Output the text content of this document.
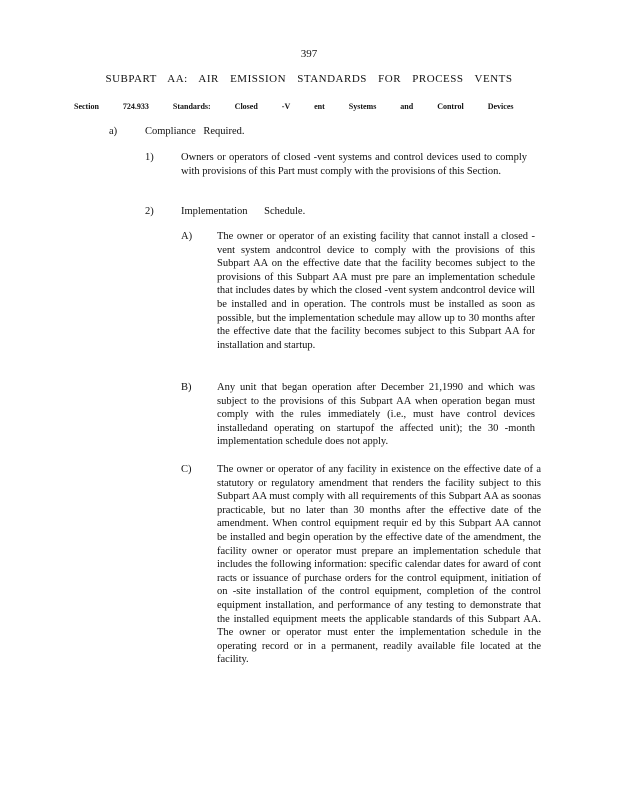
397
SUBPART AA: AIR EMISSION STANDARDS FOR PROCESS VENTS
Section 724.933 Standards: Closed -V ent Systems and Control Devices
a)	Compliance Required.
1)	Owners or operators of closed -vent systems and control devices used to comply with provisions of this Part must comply with the provisions of this Section.
2)	Implementation Schedule.
A) The owner or operator of an existing facility that cannot install a closed -vent system andcontrol device to comply with the provisions of this Subpart AA on the effective date that the facility becomes subject to the provisions of this Subpart AA must pre pare an implementation schedule that includes dates by which the closed -vent system andcontrol device will be installed and in operation. The controls must be installed as soon as possible, but the implementation schedule may allow up to 30 months after the effective date that the facility becomes subject to this Subpart AA for installation and startup.
B) Any unit that began operation after December 21,1990 and which was subject to the provisions of this Subpart AA when operation began must comply with the rules immediately (i.e., must have control devices installedand operating on startupof the affected unit); the 30 -month implementation schedule does not apply.
C) The owner or operator of any facility in existence on the effective date of a statutory or regulatory amendment that renders the facility subject to this Subpart AA must comply with all requirements of this Subpart AA as soonas practicable, but no later than 30 months after the effective date of the amendment. When control equipment requir ed by this Subpart AA cannot be installed and begin operation by the effective date of the amendment, the facility owner or operator must prepare an implementation schedule that includes the following information: specific calendar dates for award of cont racts or issuance of purchase orders for the control equipment, initiation of on -site installation of the control equipment, completion of the control equipment installation, and performance of any testing to demonstrate that the installed equipment meets the applicable standards of this Subpart AA. The owner or operator must enter the implementation schedule in the operating record or in a permanent, readily available file located at the facility.
